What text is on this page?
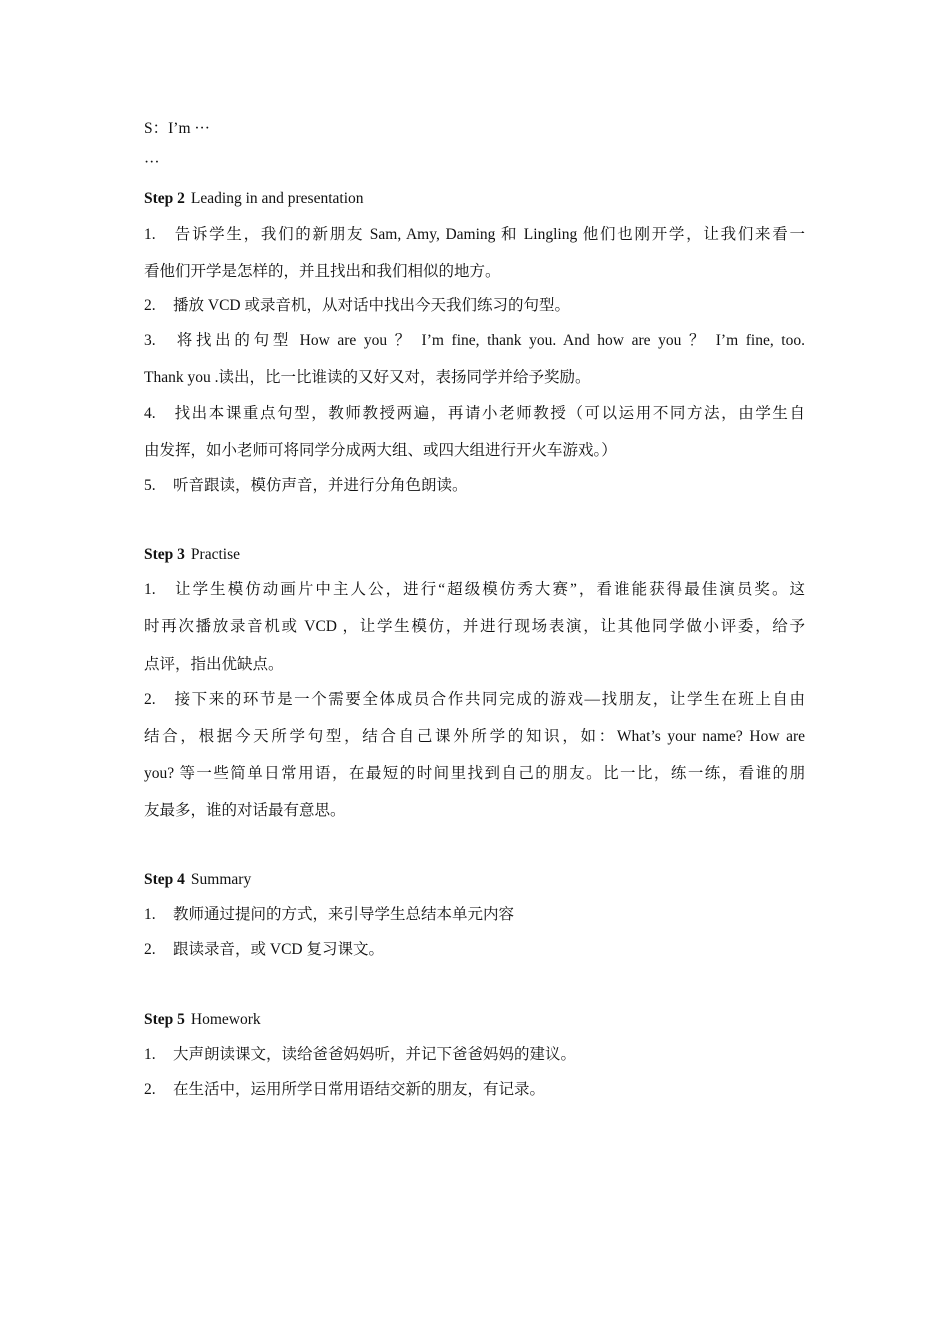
S：I’m ···
···
Step 2 Leading in and presentation
1. 告诉学生，我们的新朋友 Sam, Amy, Daming 和 Lingling 他们也刚开学，让我们来看一
看他们开学是怎样的，并且找出和我们相似的地方。
2. 播放 VCD 或录音机，从对话中找出今天我们练习的句型。
3. 将找出的句型 How are you ？ I’m fine, thank you. And how are you ？ I’m fine, too.
Thank you .读出，比一比谁读的又好又对，表扬同学并给予奖励。
4. 找出本课重点句型，教师教授两遍，再请小老师教授（可以运用不同方法，由学生自
由发挥，如小老师可将同学分成两大组、或四大组进行开火车游戏。）
5. 听音跟读，模仿声音，并进行分角色朗读。
Step 3 Practise
1. 让学生模仿动画片中主人公，进行“超级模仿秀大赛”，看谁能获得最佳演员奖。这
时再次播放录音机或 VCD ，让学生模仿，并进行现场表演，让其他同学做小评委，给予
点评，指出优缺点。
2. 接下来的环节是一个需要全体成员合作共同完成的游戏—找朋友，让学生在班上自由
结合，根据今天所学句型，结合自己课外所学的知识，如：What’s your name? How are
you? 等一些简单日常用语，在最短的时间里找到自己的朋友。比一比，练一练，看谁的朋
友最多，谁的对话最有意思。
Step 4 Summary
1. 教师通过提问的方式，来引导学生总结本单元内容
2. 跟读录音，或 VCD 复习课文。
Step 5 Homework
1. 大声朗读课文，读给爸爸妈妈听，并记下爸爸妈妈的建议。
2. 在生活中，运用所学日常用语结交新的朋友，有记录。
